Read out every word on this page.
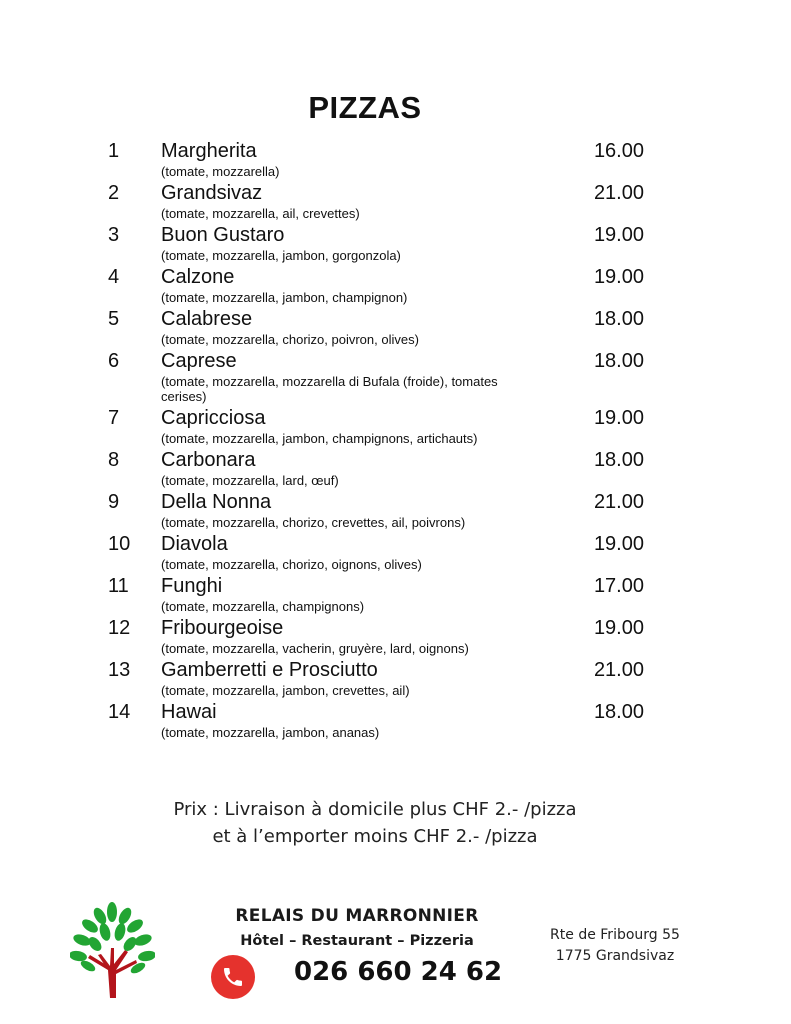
PIZZAS
1 Margherita
(tomate, mozzarella)
16.00
2 Grandsivaz
(tomate, mozzarella, ail, crevettes)
21.00
3 Buon Gustaro
(tomate, mozzarella, jambon, gorgonzola)
19.00
4 Calzone
(tomate, mozzarella, jambon, champignon)
19.00
5 Calabrese
(tomate, mozzarella, chorizo, poivron, olives)
18.00
6 Caprese
(tomate, mozzarella, mozzarella di Bufala (froide), tomates cerises)
18.00
7 Capricciosa
(tomate, mozzarella, jambon, champignons, artichauts)
19.00
8 Carbonara
(tomate, mozzarella, lard, œuf)
18.00
9 Della Nonna
(tomate, mozzarella, chorizo, crevettes, ail, poivrons)
21.00
10 Diavola
(tomate, mozzarella, chorizo, oignons, olives)
19.00
11 Funghi
(tomate, mozzarella, champignons)
17.00
12 Fribourgeoise
(tomate, mozzarella, vacherin, gruyère, lard, oignons)
19.00
13 Gamberretti e Prosciutto
(tomate, mozzarella, jambon, crevettes, ail)
21.00
14 Hawai
(tomate, mozzarella, jambon, ananas)
18.00
Prix : Livraison à domicile plus CHF 2.- /pizza
et à l’emporter moins CHF 2.- /pizza
RELAIS DU MARRONNIER
Hôtel – Restaurant – Pizzeria
026 660 24 62
Rte de Fribourg 55
1775 Grandsivaz
